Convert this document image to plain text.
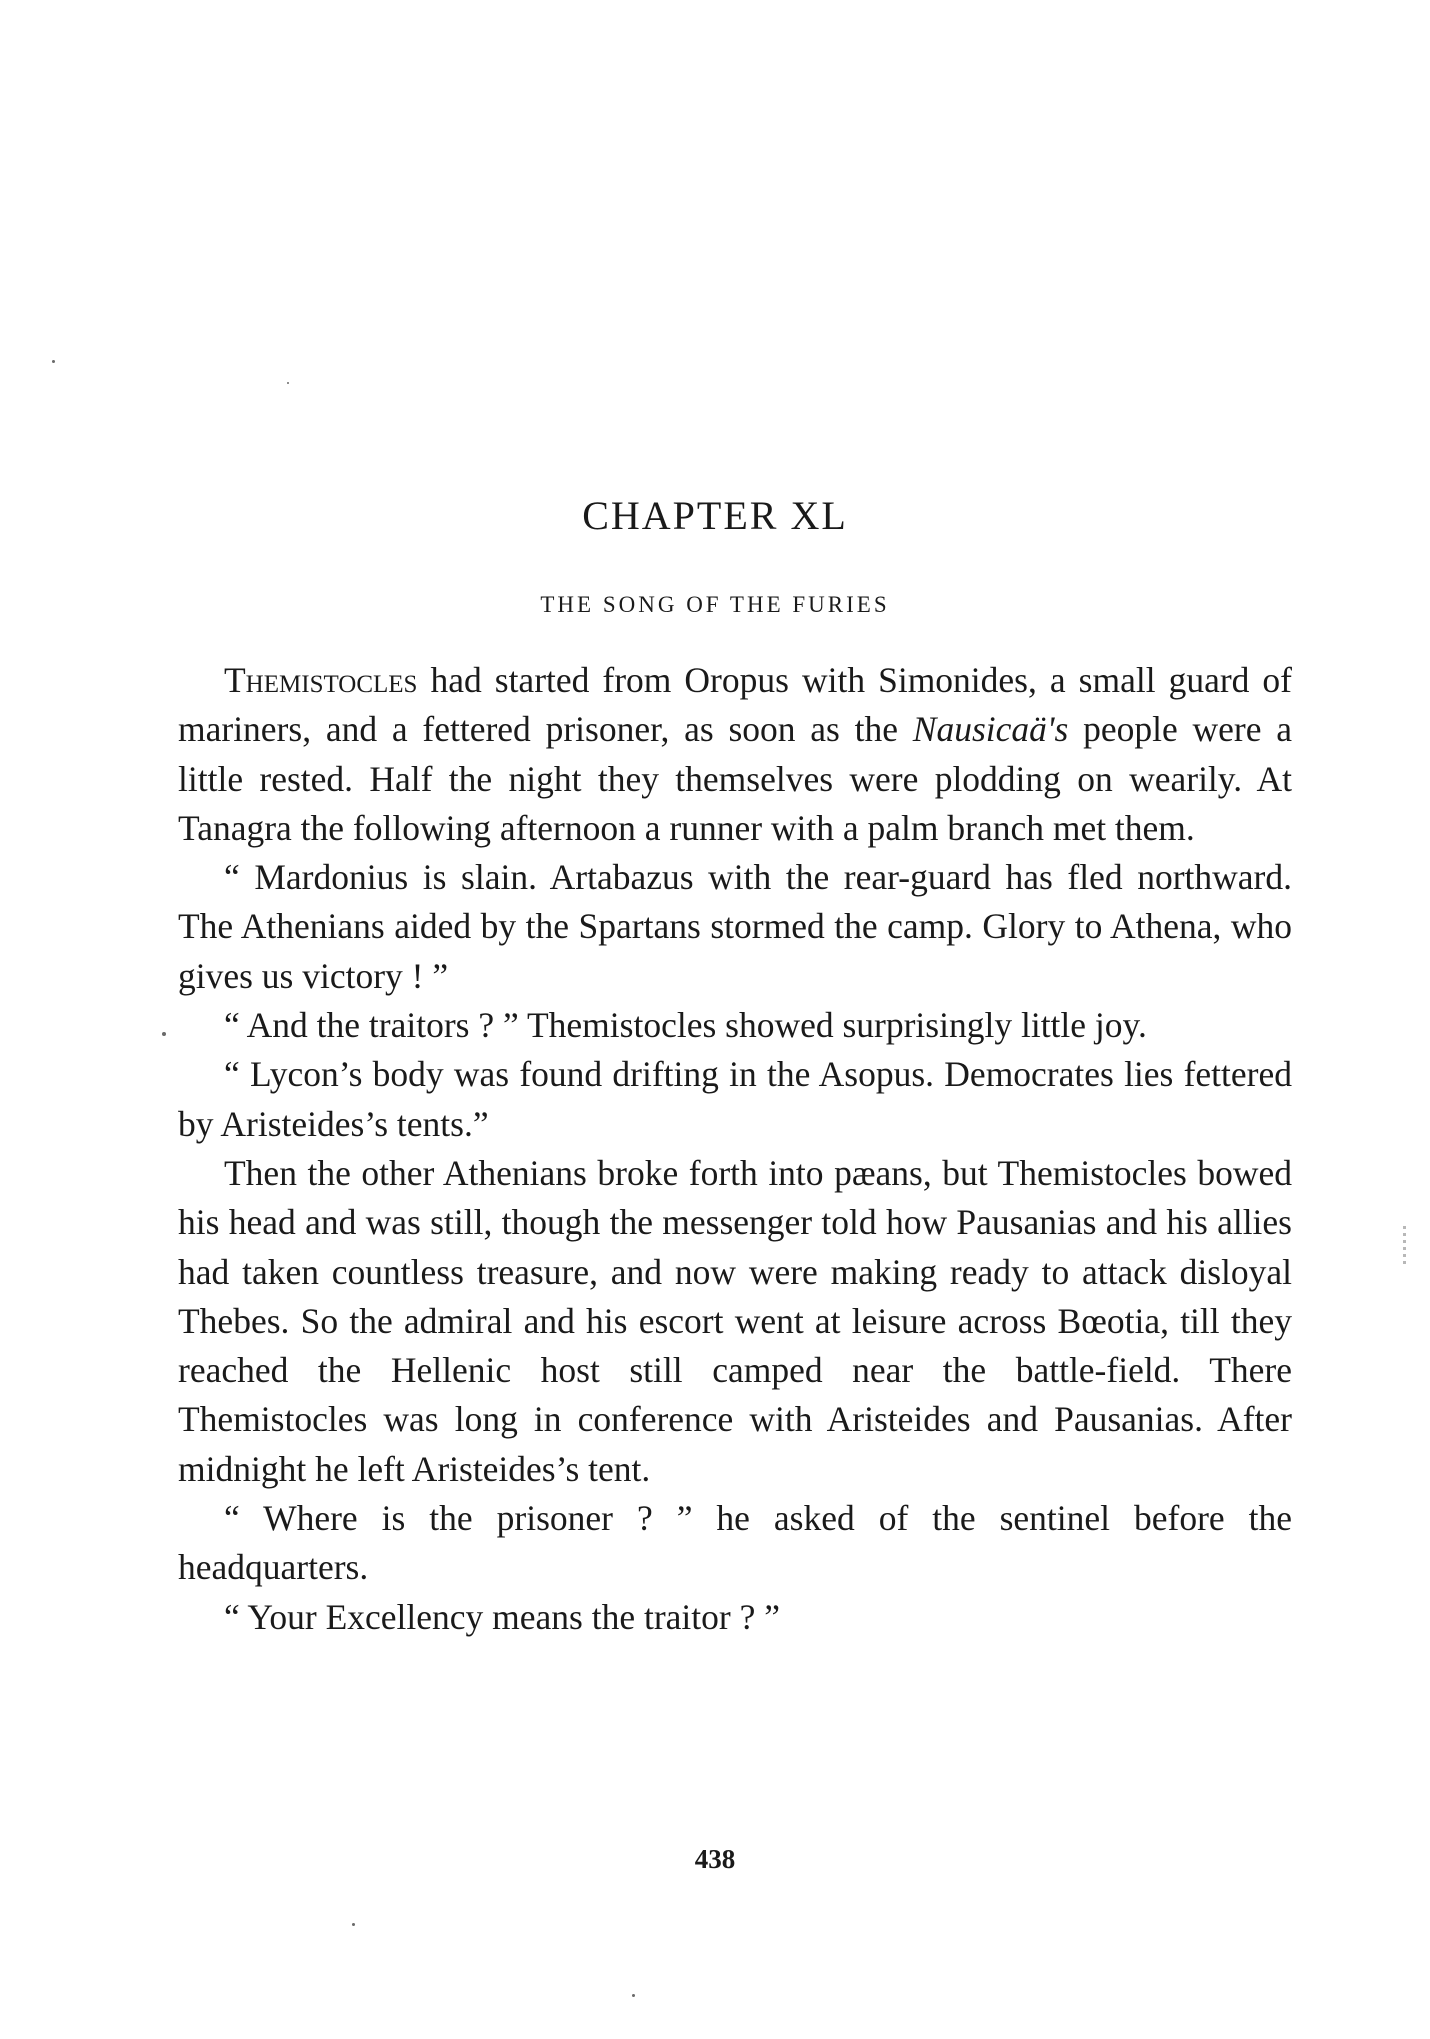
CHAPTER XL
THE SONG OF THE FURIES

Themistocles had started from Oropus with Simonides, a small guard of mariners, and a fettered prisoner, as soon as the Nausicaä's people were a little rested. Half the night they themselves were plodding on wearily. At Tanagra the following afternoon a runner with a palm branch met them.

“ Mardonius is slain. Artabazus with the rear-guard has fled northward. The Athenians aided by the Spartans stormed the camp. Glory to Athena, who gives us victory ! ”

“ And the traitors ? ” Themistocles showed surprisingly little joy.

“ Lycon’s body was found drifting in the Asopus. Democrates lies fettered by Aristeides’s tents.”

Then the other Athenians broke forth into pæans, but Themistocles bowed his head and was still, though the messenger told how Pausanias and his allies had taken countless treasure, and now were making ready to attack disloyal Thebes. So the admiral and his escort went at leisure across Bœotia, till they reached the Hellenic host still camped near the battle-field. There Themistocles was long in conference with Aristeides and Pausanias. After midnight he left Aristeides’s tent.

“ Where is the prisoner ? ” he asked of the sentinel before the headquarters.

“ Your Excellency means the traitor ? ”

438
